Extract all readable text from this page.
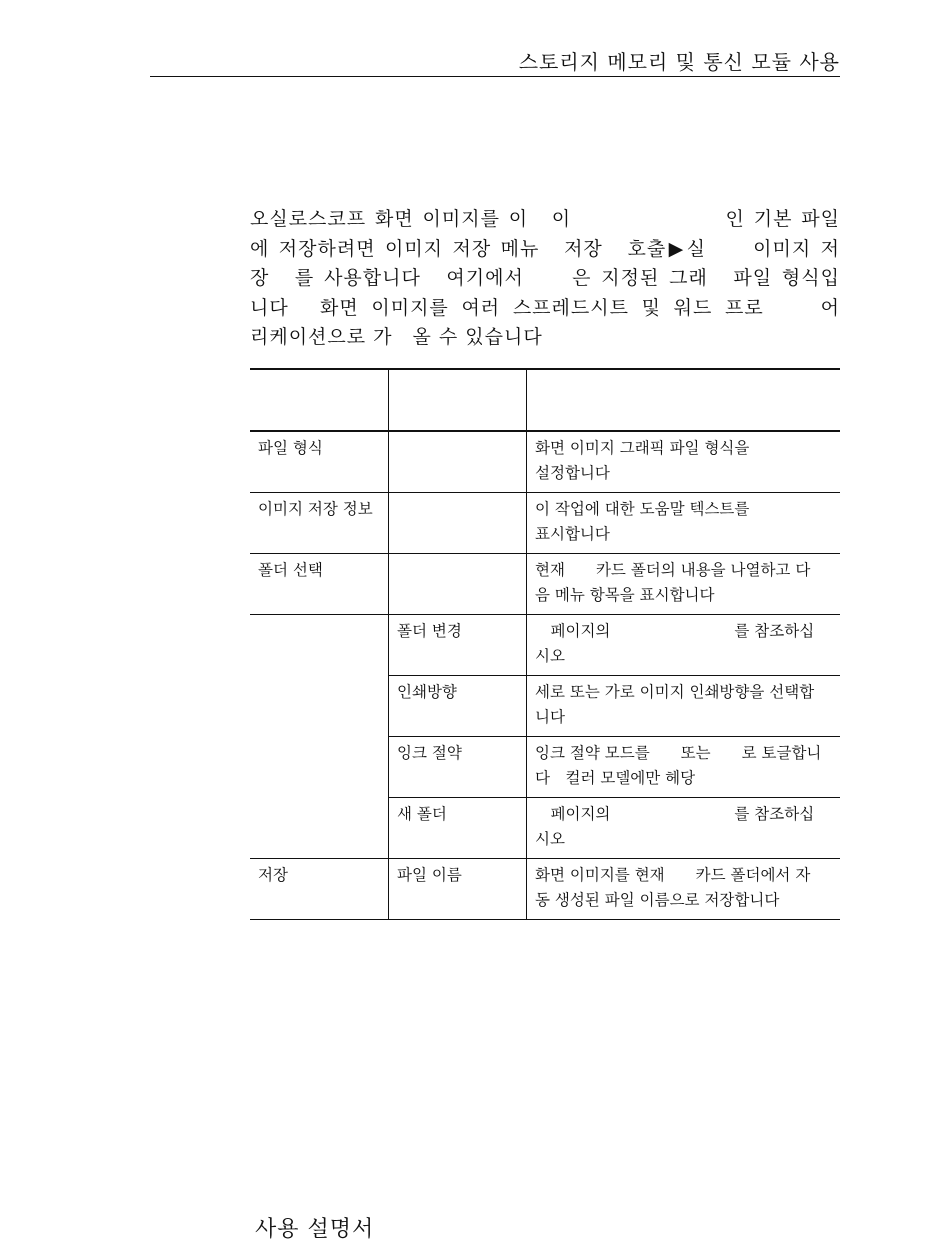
스토리지 메모리 및 통신 모듈 사용
오실로스코프 화면 이미지를 이　이　　　　　　　인 기본 파일
에 저장하려면 이미지 저장 메뉴　저장　호출▶실　　이미지 저
장　를 사용합니다　여기에서　　은 지정된 그래　파일 형식입
니다　화면 이미지를 여러 스프레드시트 및 워드 프로　　어
리케이션으로 가　올 수 있습니다

파일 형식		화면 이미지 그래픽 파일 형식을
설정합니다
이미지 저장 정보		이 작업에 대한 도움말 텍스트를
표시합니다
폴더 선택		현재　　카드 폴더의 내용을 나열하고 다
음 메뉴 항목을 표시합니다
	폴더 변경	　페이지의　　　　　　　　를 참조하십
시오
	인쇄방향	세로 또는 가로 이미지 인쇄방향을 선택합
니다
	잉크 절약	잉크 절약 모드를　　또는　　로 토글합니
다　컬러 모델에만 헤당
	새 폴더	　페이지의　　　　　　　　를 참조하십
시오
저장	파일 이름	화면 이미지를 현재　　카드 폴더에서 자
동 생성된 파일 이름으로 저장합니다
사용 설명서
